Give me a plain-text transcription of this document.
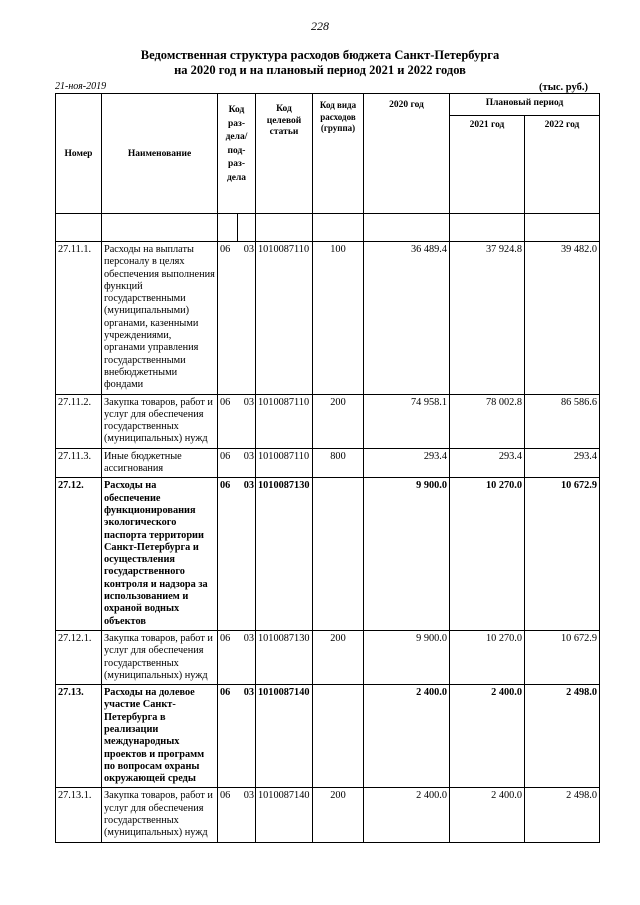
228
Ведомственная структура расходов бюджета Санкт-Петербурга
на 2020 год и на плановый период 2021 и 2022 годов
21-ноя-2019	(тыс. руб.)
Номер	Наименование	Код раз- дела/ под- раз- дела		Код целевой статьи	Код вида расходов (группа)	2020 год	Плановый период	
							2021 год	2022 год

27.11.1.	Расходы на выплаты персоналу в целях обеспечения выполнения функций государственными (муниципальными) органами, казенными учреждениями, органами управления государственными внебюджетными фондами	06	03	1010087110	100	36 489.4	37 924.8	39 482.0
27.11.2.	Закупка товаров, работ и услуг для обеспечения государственных (муниципальных) нужд	06	03	1010087110	200	74 958.1	78 002.8	86 586.6
27.11.3.	Иные бюджетные ассигнования	06	03	1010087110	800	293.4	293.4	293.4
27.12.	Расходы на обеспечение функционирования экологического паспорта территории Санкт-Петербурга и осуществления государственного контроля и надзора за использованием и охраной водных объектов	06	03	1010087130		9 900.0	10 270.0	10 672.9
27.12.1.	Закупка товаров, работ и услуг для обеспечения государственных (муниципальных) нужд	06	03	1010087130	200	9 900.0	10 270.0	10 672.9
27.13.	Расходы на долевое участие Санкт-Петербурга в реализации международных проектов и программ по вопросам охраны окружающей среды	06	03	1010087140		2 400.0	2 400.0	2 498.0
27.13.1.	Закупка товаров, работ и услуг для обеспечения государственных (муниципальных) нужд	06	03	1010087140	200	2 400.0	2 400.0	2 498.0
